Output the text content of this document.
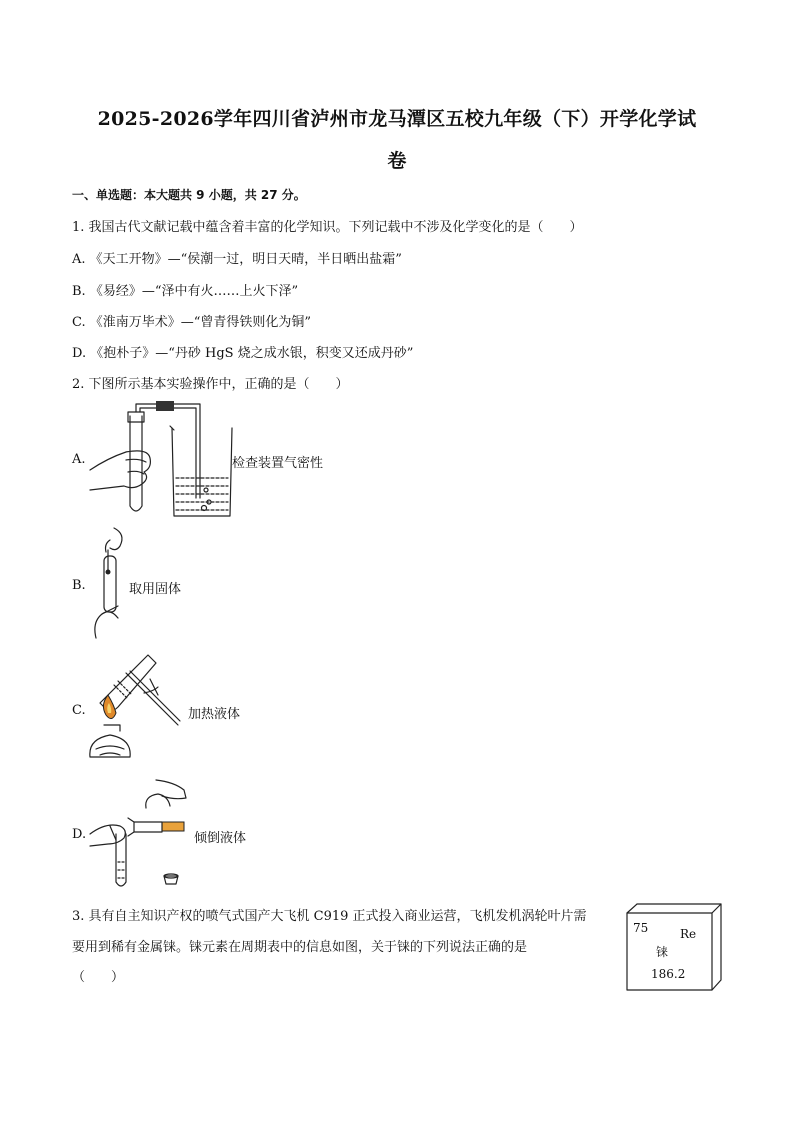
2025-2026学年四川省泸州市龙马潭区五校九年级（下）开学化学试
卷
一、单选题：本大题共 9 小题，共 27 分。
1. 我国古代文献记载中蕴含着丰富的化学知识。下列记载中不涉及化学变化的是（　　）
A. 《天工开物》—“侯潮一过，明日天晴，半日晒出盐霜”
B. 《易经》—“泽中有火……上火下泽”
C. 《淮南万毕术》—“曾青得铁则化为铜”
D. 《抱朴子》—“丹砂 HgS 烧之成水银，积变又还成丹砂”
2. 下图所示基本实验操作中，正确的是（　　）
A.	检查装置气密性
B.	取用固体
C.	加热液体
D.	倾倒液体
3. 具有自主知识产权的喷气式国产大飞机 C919 正式投入商业运营，飞机发机涡轮叶片需
要用到稀有金属铼。铼元素在周期表中的信息如图，关于铼的下列说法正确的是
（　　）
75	Re
铼
186.2
